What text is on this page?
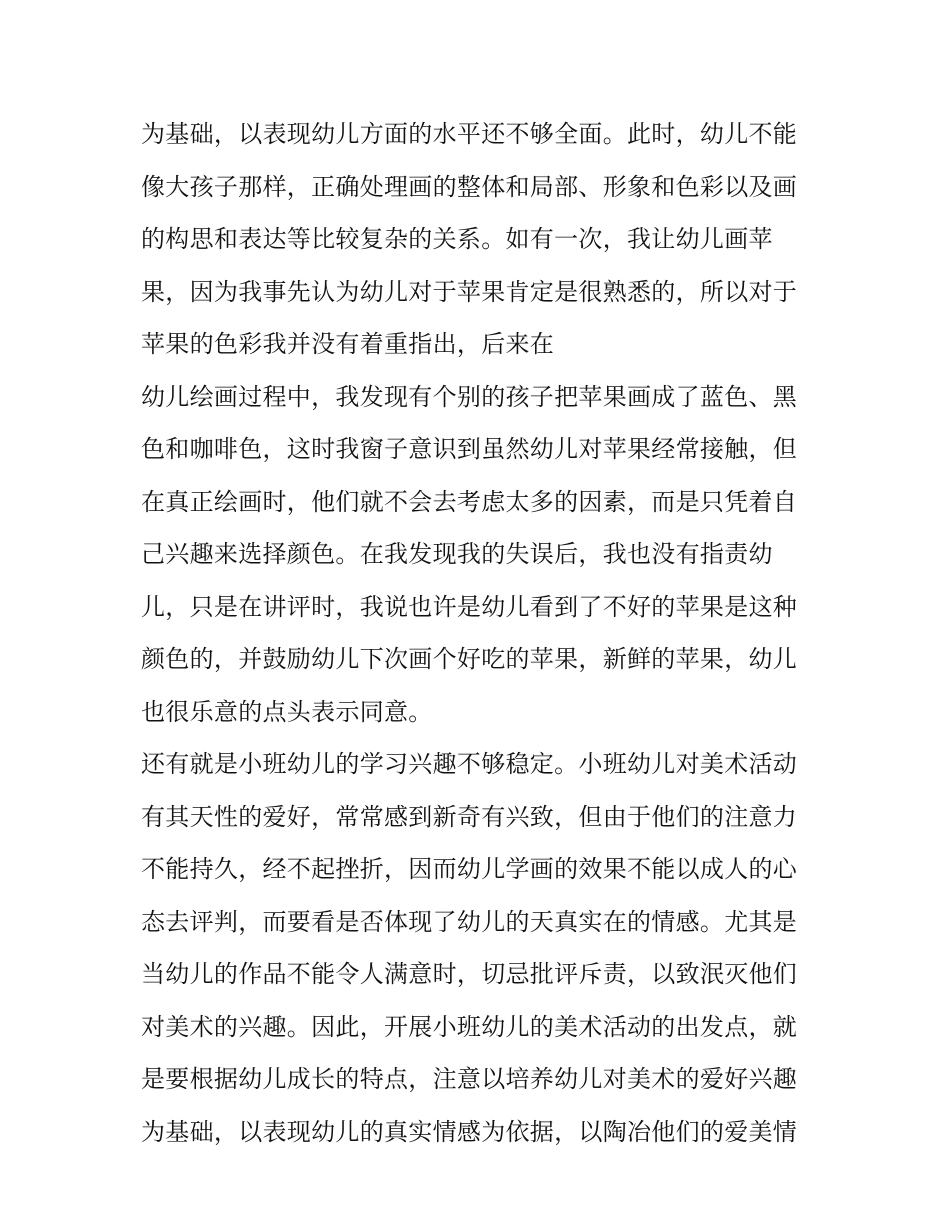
为基础，以表现幼儿方面的水平还不够全面。此时，幼儿不能
像大孩子那样，正确处理画的整体和局部、形象和色彩以及画
的构思和表达等比较复杂的关系。如有一次，我让幼儿画苹
果，因为我事先认为幼儿对于苹果肯定是很熟悉的，所以对于
苹果的色彩我并没有着重指出，后来在
幼儿绘画过程中，我发现有个别的孩子把苹果画成了蓝色、黑
色和咖啡色，这时我窗子意识到虽然幼儿对苹果经常接触，但
在真正绘画时，他们就不会去考虑太多的因素，而是只凭着自
己兴趣来选择颜色。在我发现我的失误后，我也没有指责幼
儿，只是在讲评时，我说也许是幼儿看到了不好的苹果是这种
颜色的，并鼓励幼儿下次画个好吃的苹果，新鲜的苹果，幼儿
也很乐意的点头表示同意。
还有就是小班幼儿的学习兴趣不够稳定。小班幼儿对美术活动
有其天性的爱好，常常感到新奇有兴致，但由于他们的注意力
不能持久，经不起挫折，因而幼儿学画的效果不能以成人的心
态去评判，而要看是否体现了幼儿的天真实在的情感。尤其是
当幼儿的作品不能令人满意时，切忌批评斥责，以致泯灭他们
对美术的兴趣。因此，开展小班幼儿的美术活动的出发点，就
是要根据幼儿成长的特点，注意以培养幼儿对美术的爱好兴趣
为基础，以表现幼儿的真实情感为依据，以陶冶他们的爱美情
